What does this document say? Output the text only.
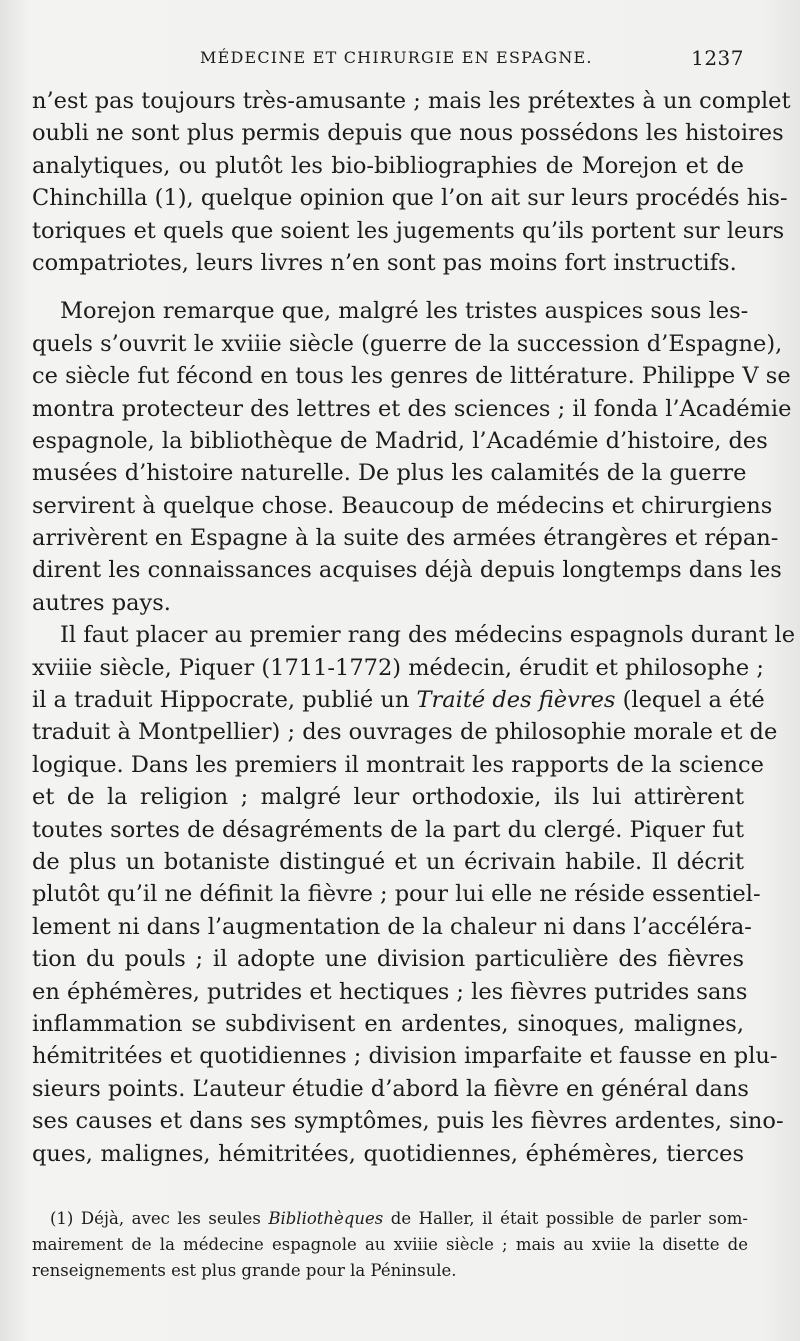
MÉDECINE ET CHIRURGIE EN ESPAGNE.	1237
n’est pas toujours très-amusante ; mais les prétextes à un complet
oubli ne sont plus permis depuis que nous possédons les histoires
analytiques, ou plutôt les bio-bibliographies de Morejon et de
Chinchilla (1), quelque opinion que l’on ait sur leurs procédés his-
toriques et quels que soient les jugements qu’ils portent sur leurs
compatriotes, leurs livres n’en sont pas moins fort instructifs.
Morejon remarque que, malgré les tristes auspices sous les-
quels s’ouvrit le xviiie siècle (guerre de la succession d’Espagne),
ce siècle fut fécond en tous les genres de littérature. Philippe V se
montra protecteur des lettres et des sciences ; il fonda l’Académie
espagnole, la bibliothèque de Madrid, l’Académie d’histoire, des
musées d’histoire naturelle. De plus les calamités de la guerre
servirent à quelque chose. Beaucoup de médecins et chirurgiens
arrivèrent en Espagne à la suite des armées étrangères et répan-
dirent les connaissances acquises déjà depuis longtemps dans les
autres pays.
Il faut placer au premier rang des médecins espagnols durant le
xviiie siècle, Piquer (1711-1772) médecin, érudit et philosophe ;
il a traduit Hippocrate, publié un Traité des fièvres (lequel a été
traduit à Montpellier) ; des ouvrages de philosophie morale et de
logique. Dans les premiers il montrait les rapports de la science
et de la religion ; malgré leur orthodoxie, ils lui attirèrent
toutes sortes de désagréments de la part du clergé. Piquer fut
de plus un botaniste distingué et un écrivain habile. Il décrit
plutôt qu’il ne définit la fièvre ; pour lui elle ne réside essentiel-
lement ni dans l’augmentation de la chaleur ni dans l’accéléra-
tion du pouls ; il adopte une division particulière des fièvres
en éphémères, putrides et hectiques ; les fièvres putrides sans
inflammation se subdivisent en ardentes, sinoques, malignes,
hémitritées et quotidiennes ; division imparfaite et fausse en plu-
sieurs points. L’auteur étudie d’abord la fièvre en général dans
ses causes et dans ses symptômes, puis les fièvres ardentes, sino-
ques, malignes, hémitritées, quotidiennes, éphémères, tierces
(1) Déjà, avec les seules Bibliothèques de Haller, il était possible de parler som-
mairement de la médecine espagnole au xviiie siècle ; mais au xviie la disette de
renseignements est plus grande pour la Péninsule.
